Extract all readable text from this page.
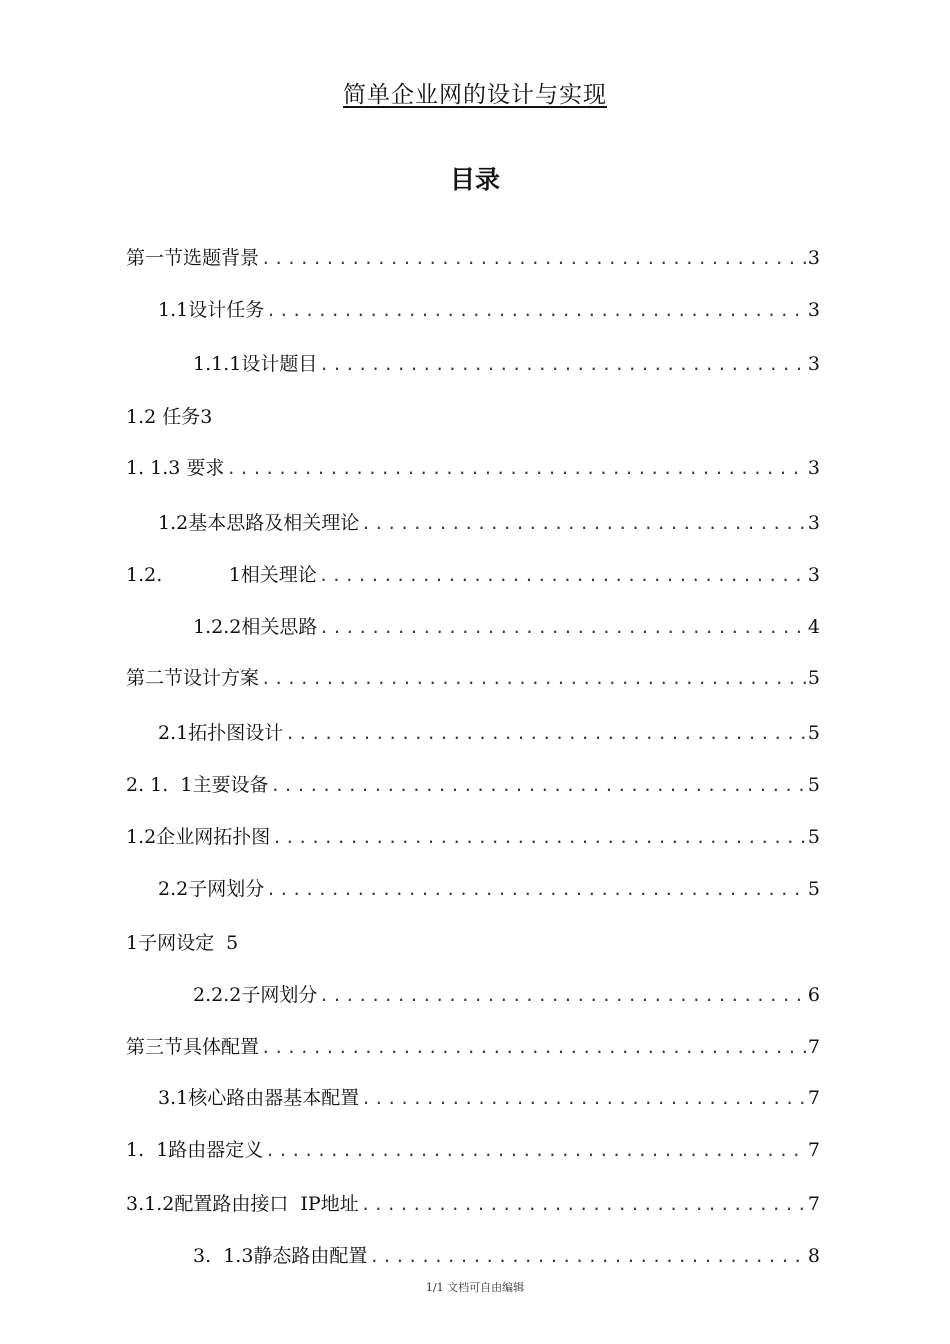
简单企业网的设计与实现
目录
第一节选题背景 .....	3
1.1设计任务 .....	3
1.1.1设计题目 .....	3
1.2 任务3
1. 1.3 要求 .....	3
1.2基本思路及相关理论 .....	3
1.2.           1相关理论 .....	3
1.2.2相关思路 .....	4
第二节设计方案 .....	5
2.1拓扑图设计 .....	5
2. 1.  1主要设备 .....	5
1.2企业网拓扑图 .....	5
2.2子网划分 .....	5
1子网设定  5
2.2.2子网划分 .....	6
第三节具体配置 .....	7
3.1核心路由器基本配置 .....	7
1.  1路由器定义 .....	7
3.1.2配置路由接口  IP地址 .....	7
3.  1.3静态路由配置 .....	8
1/1 文档可自由编辑
